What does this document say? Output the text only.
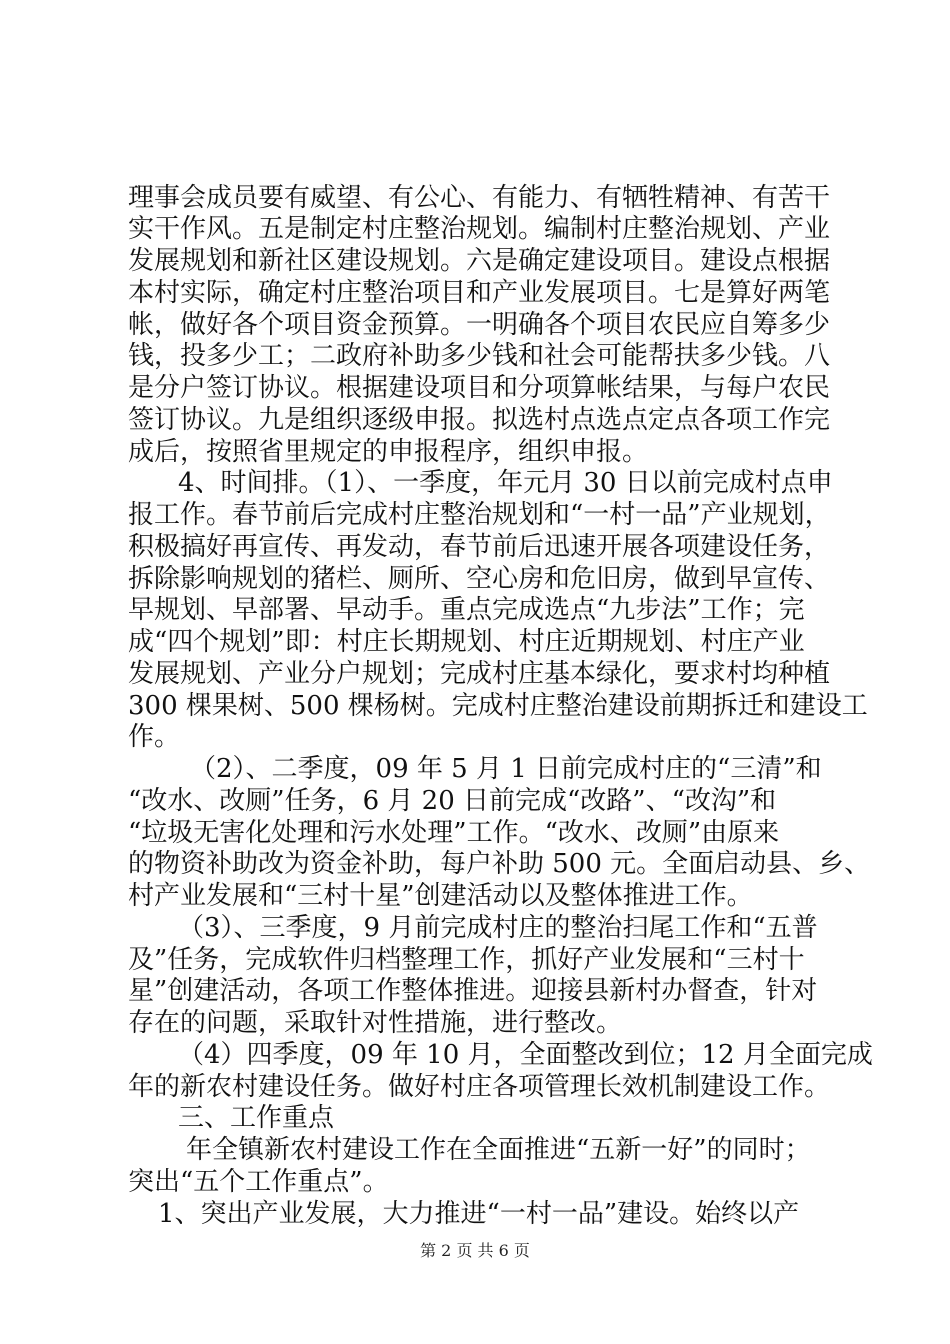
理事会成员要有威望、有公心、有能力、有牺牲精神、有苦干
实干作风。五是制定村庄整治规划。编制村庄整治规划、产业
发展规划和新社区建设规划。六是确定建设项目。建设点根据
本村实际，确定村庄整治项目和产业发展项目。七是算好两笔
帐，做好各个项目资金预算。一明确各个项目农民应自筹多少
钱，投多少工；二政府补助多少钱和社会可能帮扶多少钱。八
是分户签订协议。根据建设项目和分项算帐结果，与每户农民
签订协议。九是组织逐级申报。拟选村点选点定点各项工作完
成后，按照省里规定的申报程序，组织申报。
4、时间排。（1）、一季度，年元月 30 日以前完成村点申
报工作。春节前后完成村庄整治规划和“一村一品”产业规划，
积极搞好再宣传、再发动，春节前后迅速开展各项建设任务，
拆除影响规划的猪栏、厕所、空心房和危旧房，做到早宣传、
早规划、早部署、早动手。重点完成选点“九步法”工作；完
成“四个规划”即：村庄长期规划、村庄近期规划、村庄产业
发展规划、产业分户规划；完成村庄基本绿化，要求村均种植
300 棵果树、500 棵杨树。完成村庄整治建设前期拆迁和建设工
作。
（2）、二季度，09 年 5 月 1 日前完成村庄的“三清”和
“改水、改厕”任务，6 月 20 日前完成“改路”、“改沟”和
“垃圾无害化处理和污水处理”工作。“改水、改厕”由原来
的物资补助改为资金补助，每户补助 500 元。全面启动县、乡、
村产业发展和“三村十星”创建活动以及整体推进工作。
（3）、三季度，9 月前完成村庄的整治扫尾工作和“五普
及”任务，完成软件归档整理工作，抓好产业发展和“三村十
星”创建活动，各项工作整体推进。迎接县新村办督查，针对
存在的问题，采取针对性措施，进行整改。
（4）四季度，09 年 10 月，全面整改到位；12 月全面完成
年的新农村建设任务。做好村庄各项管理长效机制建设工作。
三、工作重点
年全镇新农村建设工作在全面推进“五新一好”的同时；
突出“五个工作重点”。
1、突出产业发展，大力推进“一村一品”建设。始终以产
第 2 页 共 6 页
